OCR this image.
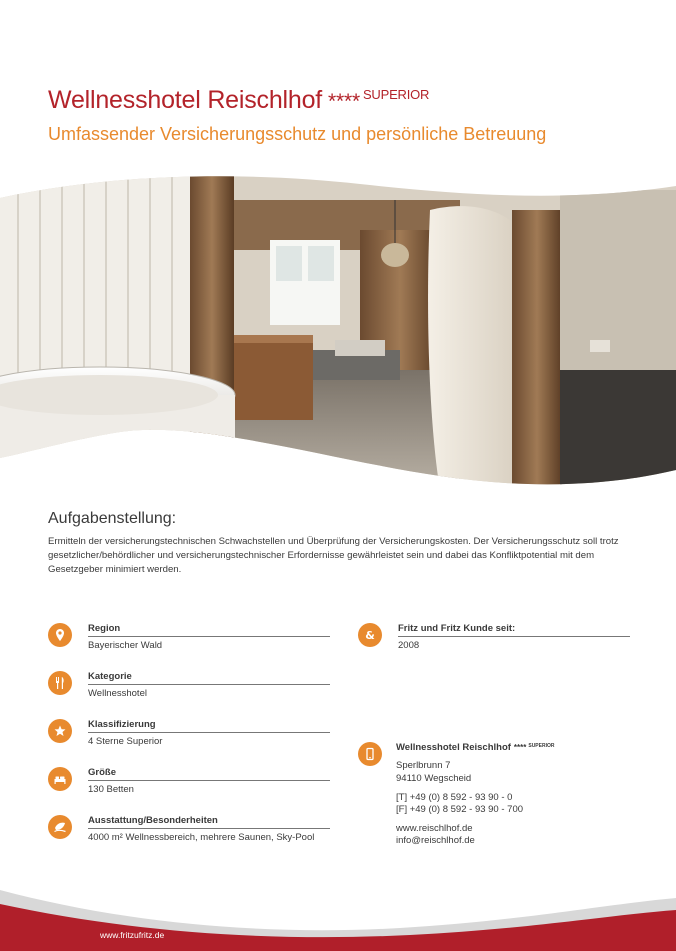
Wellnesshotel Reischlhof **** $^{SUPERIOR}$
Umfassender Versicherungsschutz und persönliche Betreuung
Aufgabenstellung:
Ermitteln der versicherungstechnischen Schwachstellen und Überprüfung der Versicherungskosten. Der Versicherungsschutz soll trotz gesetzlicher/behördlicher und versicherungstechnischer Erfordernisse gewährleistet sein und dabei das Konfliktpotential mit dem Gesetzgeber minimiert werden.
Region
Bayerischer Wald
Kategorie
Wellnesshotel
Klassifizierung
4 Sterne Superior
Größe
130 Betten
Ausstattung/Besonderheiten
4000 m² Wellnessbereich, mehrere Saunen, Sky-Pool
&
Fritz und Fritz Kunde seit:
2008
Wellnesshotel Reischlhof **** $^{SUPERIOR}$
Sperlbrunn 7
94110 Wegscheid
[T] +49 (0) 8 592 - 93 90 - 0
[F] +49 (0) 8 592 - 93 90 - 700
www.reischlhof.de
info@reischlhof.de
www.fritzufritz.de
